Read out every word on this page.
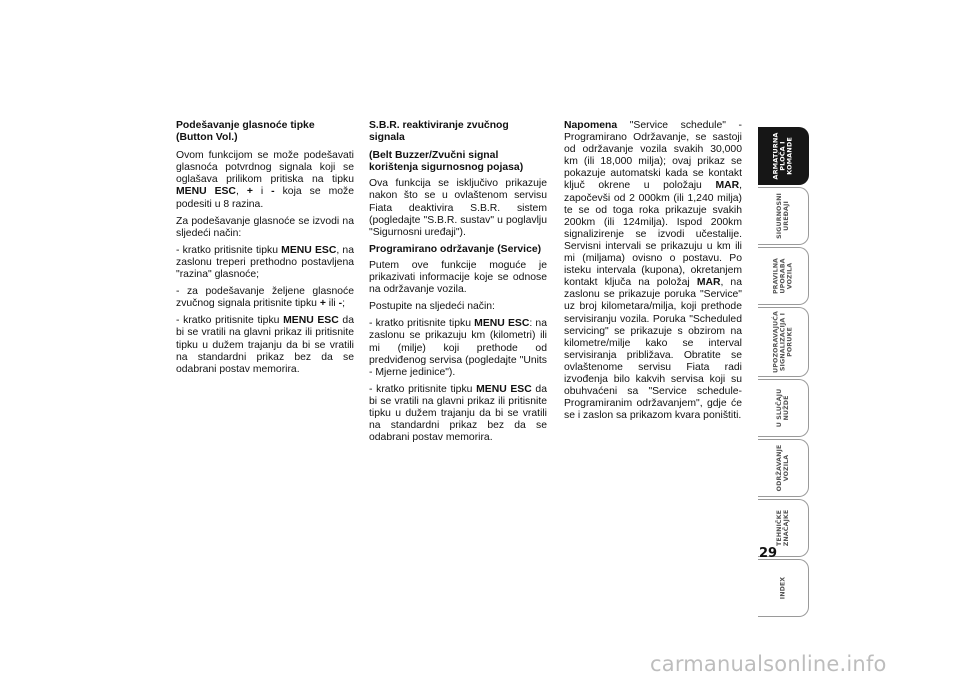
Podešavanje glasnoće tipke
(Button Vol.)

Ovom funkcijom se može podešavati glasnoća potvrdnog signala koji se oglašava prilikom pritiska na tipku MENU ESC, + i - koja se može podesiti u 8 razina.

Za podešavanje glasnoće se izvodi na sljedeći način:

- kratko pritisnite tipku MENU ESC, na zaslonu treperi prethodno postavljena "razina" glasnoće;

- za podešavanje željene glasnoće zvučnog signala pritisnite tipku + ili -;

- kratko pritisnite tipku MENU ESC da bi se vratili na glavni prikaz ili pritisnite tipku u dužem trajanju da bi se vratili na standardni prikaz bez da se odabrani postav memorira.

S.B.R. reaktiviranje zvučnog signala
(Belt Buzzer/Zvučni signal korištenja sigurnosnog pojasa)

Ova funkcija se isključivo prikazuje nakon što se u ovlaštenom servisu Fiata deaktivira S.B.R. sistem (pogledajte "S.B.R. sustav" u poglavlju "Sigurnosni uređaji").

Programirano održavanje (Service)

Putem ove funkcije moguće je prikazivati informacije koje se odnose na održavanje vozila.

Postupite na sljedeći način:

- kratko pritisnite tipku MENU ESC: na zaslonu se prikazuju km (kilometri) ili mi (milje) koji prethode od predviđenog servisa (pogledajte "Units - Mjerne jedinice").

- kratko pritisnite tipku MENU ESC da bi se vratili na glavni prikaz ili pritisnite tipku u dužem trajanju da bi se vratili na standardni prikaz bez da se odabrani postav memorira.

Napomena "Service schedule" - Programirano Održavanje, se sastoji od održavanje vozila svakih 30,000 km (ili 18,000 milja); ovaj prikaz se pokazuje automatski kada se kontakt ključ okrene u položaju MAR, započevši od 2 000km (ili 1,240 milja) te se od toga roka prikazuje svakih 200km (ili 124milja). Ispod 200km signalizirenje se izvodi učestalije. Servisni intervali se prikazuju u km ili mi (miljama) ovisno o postavu. Po isteku intervala (kupona), okretanjem kontakt ključa na položaj MAR, na zaslonu se prikazuje poruka "Service" uz broj kilometara/milja, koji prethode servisiranju vozila. Poruka "Scheduled servicing" se prikazuje s obzirom na kilometre/milje kako se interval servisiranja približava. Obratite se ovlaštenome servisu Fiata radi izvođenja bilo kakvih servisa koji su obuhvaćeni sa "Service schedule-Programiranim održavanjem", gdje će se i zaslon sa prikazom kvara poništiti.

ARMATURNA
PLOČA I
KOMANDE
SIGURNOSNI
UREĐAJI
PRAVILNA
UPORABA
VOZILA
UPOZORAVAJUĆA
SIGNALIZACIJA I
PORUKE
U SLUČAJU
NUŽDE
ODRŽAVANJE
VOZILA
TEHNIČKE
ZNAČAJKE
INDEX
29
carmanualsonline.info
